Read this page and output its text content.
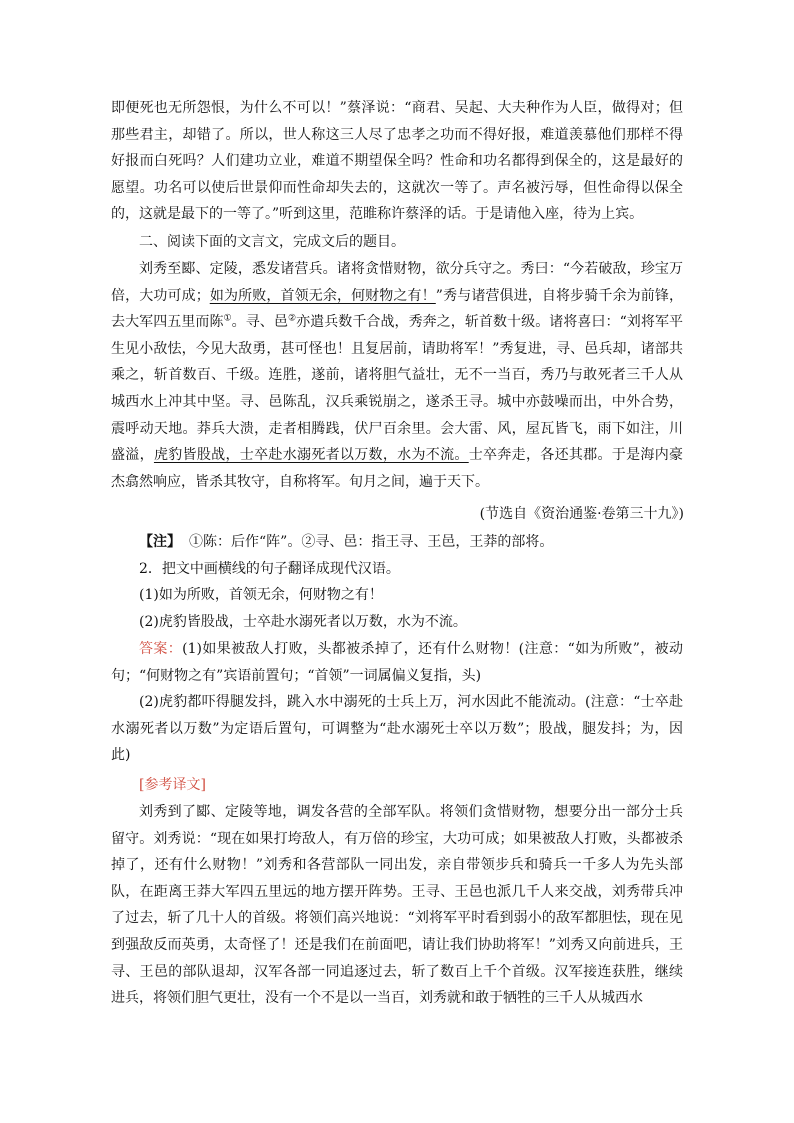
即便死也无所怨恨，为什么不可以！”蔡泽说：“商君、吴起、大夫种作为人臣，做得对；但那些君主，却错了。所以，世人称这三人尽了忠孝之功而不得好报，难道羡慕他们那样不得好报而白死吗？人们建功立业，难道不期望保全吗？性命和功名都得到保全的，这是最好的愿望。功名可以使后世景仰而性命却失去的，这就次一等了。声名被污辱，但性命得以保全的，这就是最下的一等了。”听到这里，范睢称许蔡泽的话。于是请他入座，待为上宾。
二、阅读下面的文言文，完成文后的题目。
刘秀至郾、定陵，悉发诸营兵。诸将贪惜财物，欲分兵守之。秀曰：“今若破敌，珍宝万倍，大功可成；如为所败，首领无余，何财物之有！”秀与诸营俱进，自将步骑千余为前锋，去大军四五里而陈①。寻、邑②亦遣兵数千合战，秀奔之，斩首数十级。诸将喜曰：“刘将军平生见小敌怯，今见大敌勇，甚可怪也！且复居前，请助将军！”秀复进，寻、邑兵却，诸部共乘之，斩首数百、千级。连胜，遂前，诸将胆气益壮，无不一当百，秀乃与敢死者三千人从城西水上冲其中坚。寻、邑陈乱，汉兵乘锐崩之，遂杀王寻。城中亦鼓噪而出，中外合势，震呼动天地。莽兵大溃，走者相腾践，伏尸百余里。会大雷、风，屋瓦皆飞，雨下如注，川盛溢，虎豹皆股战，士卒赴水溺死者以万数，水为不流。士卒奔走，各还其郡。于是海内豪杰翕然响应，皆杀其牧守，自称将军。旬月之间，遍于天下。
(节选自《资治通鉴·卷第三十九》)
【注】 ①陈：后作“阵”。②寻、邑：指王寻、王邑，王莽的部将。
2．把文中画横线的句子翻译成现代汉语。
(1)如为所败，首领无余，何财物之有！
(2)虎豹皆股战，士卒赴水溺死者以万数，水为不流。
答案：(1)如果被敌人打败，头都被杀掉了，还有什么财物！(注意：“如为所败”，被动句；“何财物之有”宾语前置句；“首领”一词属偏义复指，头)
(2)虎豹都吓得腿发抖，跳入水中溺死的士兵上万，河水因此不能流动。(注意：“士卒赴水溺死者以万数”为定语后置句，可调整为“赴水溺死士卒以万数”；股战，腿发抖；为，因此)
[参考译文]
刘秀到了郾、定陵等地，调发各营的全部军队。将领们贪惜财物，想要分出一部分士兵留守。刘秀说：“现在如果打垮敌人，有万倍的珍宝，大功可成；如果被敌人打败，头都被杀掉了，还有什么财物！”刘秀和各营部队一同出发，亲自带领步兵和骑兵一千多人为先头部队，在距离王莽大军四五里远的地方摆开阵势。王寻、王邑也派几千人来交战，刘秀带兵冲了过去，斩了几十人的首级。将领们高兴地说：“刘将军平时看到弱小的敌军都胆怯，现在见到强敌反而英勇，太奇怪了！还是我们在前面吧，请让我们协助将军！”刘秀又向前进兵，王寻、王邑的部队退却，汉军各部一同追逐过去，斩了数百上千个首级。汉军接连获胜，继续进兵，将领们胆气更壮，没有一个不是以一当百，刘秀就和敢于牺牲的三千人从城西水
